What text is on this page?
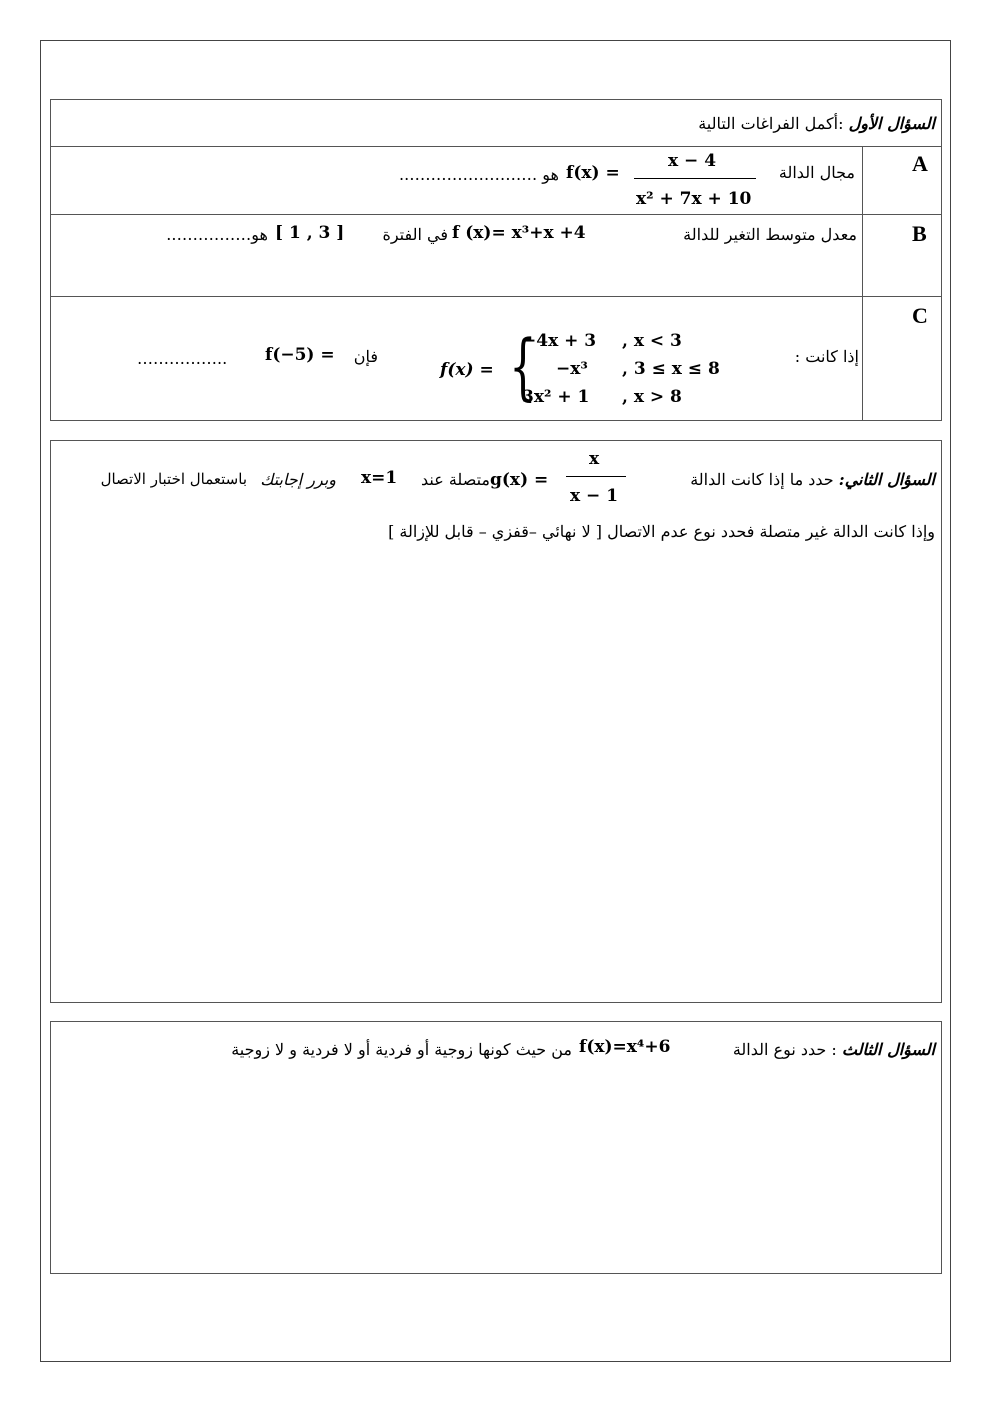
السؤال الأول :أكمل الفراغات التالية
A
مجال الدالة
f(x) =
x − 4
x² + 7x + 10
هو ……………………..
B
معدل متوسط التغير للدالة
f (x)= x³+x +4
في الفترة
[ 1 , 3 ]
هو…………….
C
إذا كانت :
f(x) = {
−4x + 3 , x < 3
−x³ , 3 ≤ x ≤ 8
3x² + 1 , x > 8
فإن
f(−5) =
……………..
السؤال الثاني: حدد ما إذا كانت الدالة
g(x) =
x
x − 1
متصلة عند
x=1
وبرر إجابتك
باستعمال اختبار الاتصال
وإذا كانت الدالة غير متصلة فحدد نوع عدم الاتصال [ لا نهائي –قفزي – قابل للإزالة ]
السؤال الثالث : حدد نوع الدالة
f(x)=x⁴+6
من حيث كونها زوجية أو فردية أو لا فردية و لا زوجية
